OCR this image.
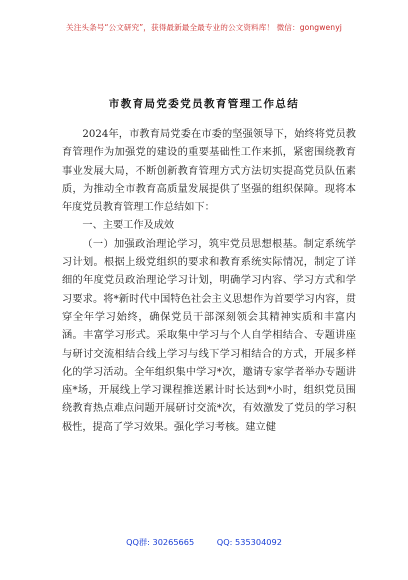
关注头条号“公文研究”，获得最新最全最专业的公文资料库！ 微信：gongwenyj
市教育局党委党员教育管理工作总结

2024年，市教育局党委在市委的坚强领导下，始终将党员教育管理作为加强党的建设的重要基础性工作来抓，紧密围绕教育事业发展大局，不断创新教育管理方式方法切实提高党员队伍素质，为推动全市教育高质量发展提供了坚强的组织保障。现将本年度党员教育管理工作总结如下：

一、主要工作及成效

（一）加强政治理论学习，筑牢党员思想根基。制定系统学习计划。根据上级党组织的要求和教育系统实际情况，制定了详细的年度党员政治理论学习计划，明确学习内容、学习方式和学习要求。将*新时代中国特色社会主义思想作为首要学习内容，贯穿全年学习始终，确保党员干部深刻领会其精神实质和丰富内涵。丰富学习形式。采取集中学习与个人自学相结合、专题讲座与研讨交流相结合线上学习与线下学习相结合的方式，开展多样化的学习活动。全年组织集中学习*次，邀请专家学者举办专题讲座*场，开展线上学习课程推送累计时长达到*小时，组织党员围绕教育热点难点问题开展研讨交流*次，有效激发了党员的学习积极性，提高了学习效果。强化学习考核。建立健

QQ群: 30265665	QQ: 535304092
